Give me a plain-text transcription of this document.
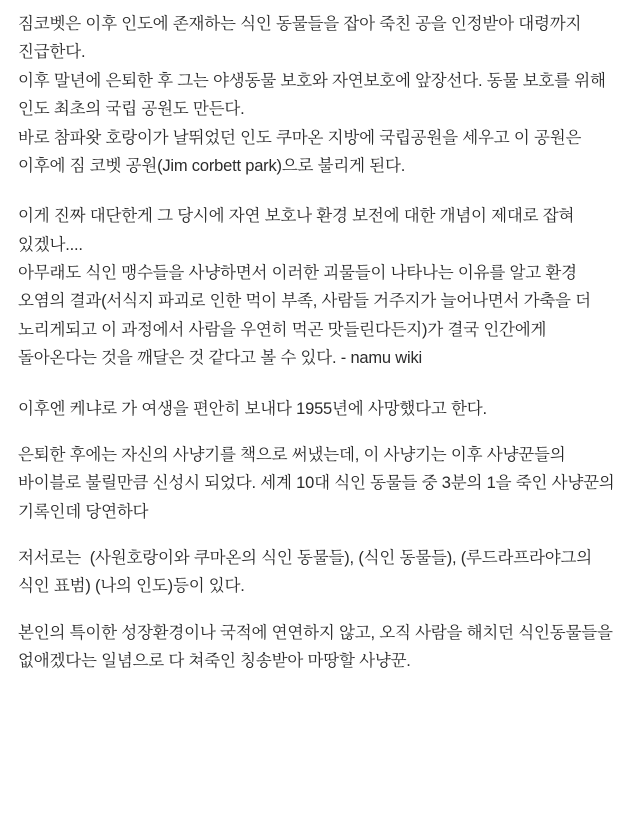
짐코벳은 이후 인도에 존재하는 식인 동물들을 잡아 죽친 공을 인정받아 대령까지 진급한다.

이후 말년에 은퇴한 후 그는 야생동물 보호와 자연보호에 앞장선다. 동물 보호를 위해 인도 최초의 국립 공원도 만든다.

바로 참파왓 호랑이가 날뛰었던 인도 쿠마온 지방에 국립공원을 세우고 이 공원은 이후에 짐 코벳 공원(Jim corbett park)으로 불리게 된다.

이게 진짜 대단한게 그 당시에 자연 보호나 환경 보전에 대한 개념이 제대로 잡혀 있겠나....

아무래도 식인 맹수들을 사냥하면서 이러한 괴물들이 나타나는 이유를 알고 환경 오염의 결과(서식지 파괴로 인한 먹이 부족, 사람들 거주지가 늘어나면서 가축을 더 노리게되고 이 과정에서 사람을 우연히 먹곤 맛들린다든지)가 결국 인간에게 돌아온다는 것을 깨달은 것 같다고 볼 수 있다. - namu wiki

이후엔 케냐로 가 여생을 편안히 보내다 1955년에 사망했다고 한다.

은퇴한 후에는 자신의 사냥기를 책으로 써냈는데, 이 사냥기는 이후 사냥꾼들의 바이블로 불릴만큼 신성시 되었다. 세계 10대 식인 동물들 중 3분의 1을 죽인 사냥꾼의 기록인데 당연하다

저서로는  (사원호랑이와 쿠마온의 식인 동물들), (식인 동물들), (루드라프라야그의 식인 표범) (나의 인도)등이 있다.

본인의 특이한 성장환경이나 국적에 연연하지 않고, 오직 사람을 해치던 식인동물들을 없애겠다는 일념으로 다 쳐죽인 칭송받아 마땅할 사냥꾼.
